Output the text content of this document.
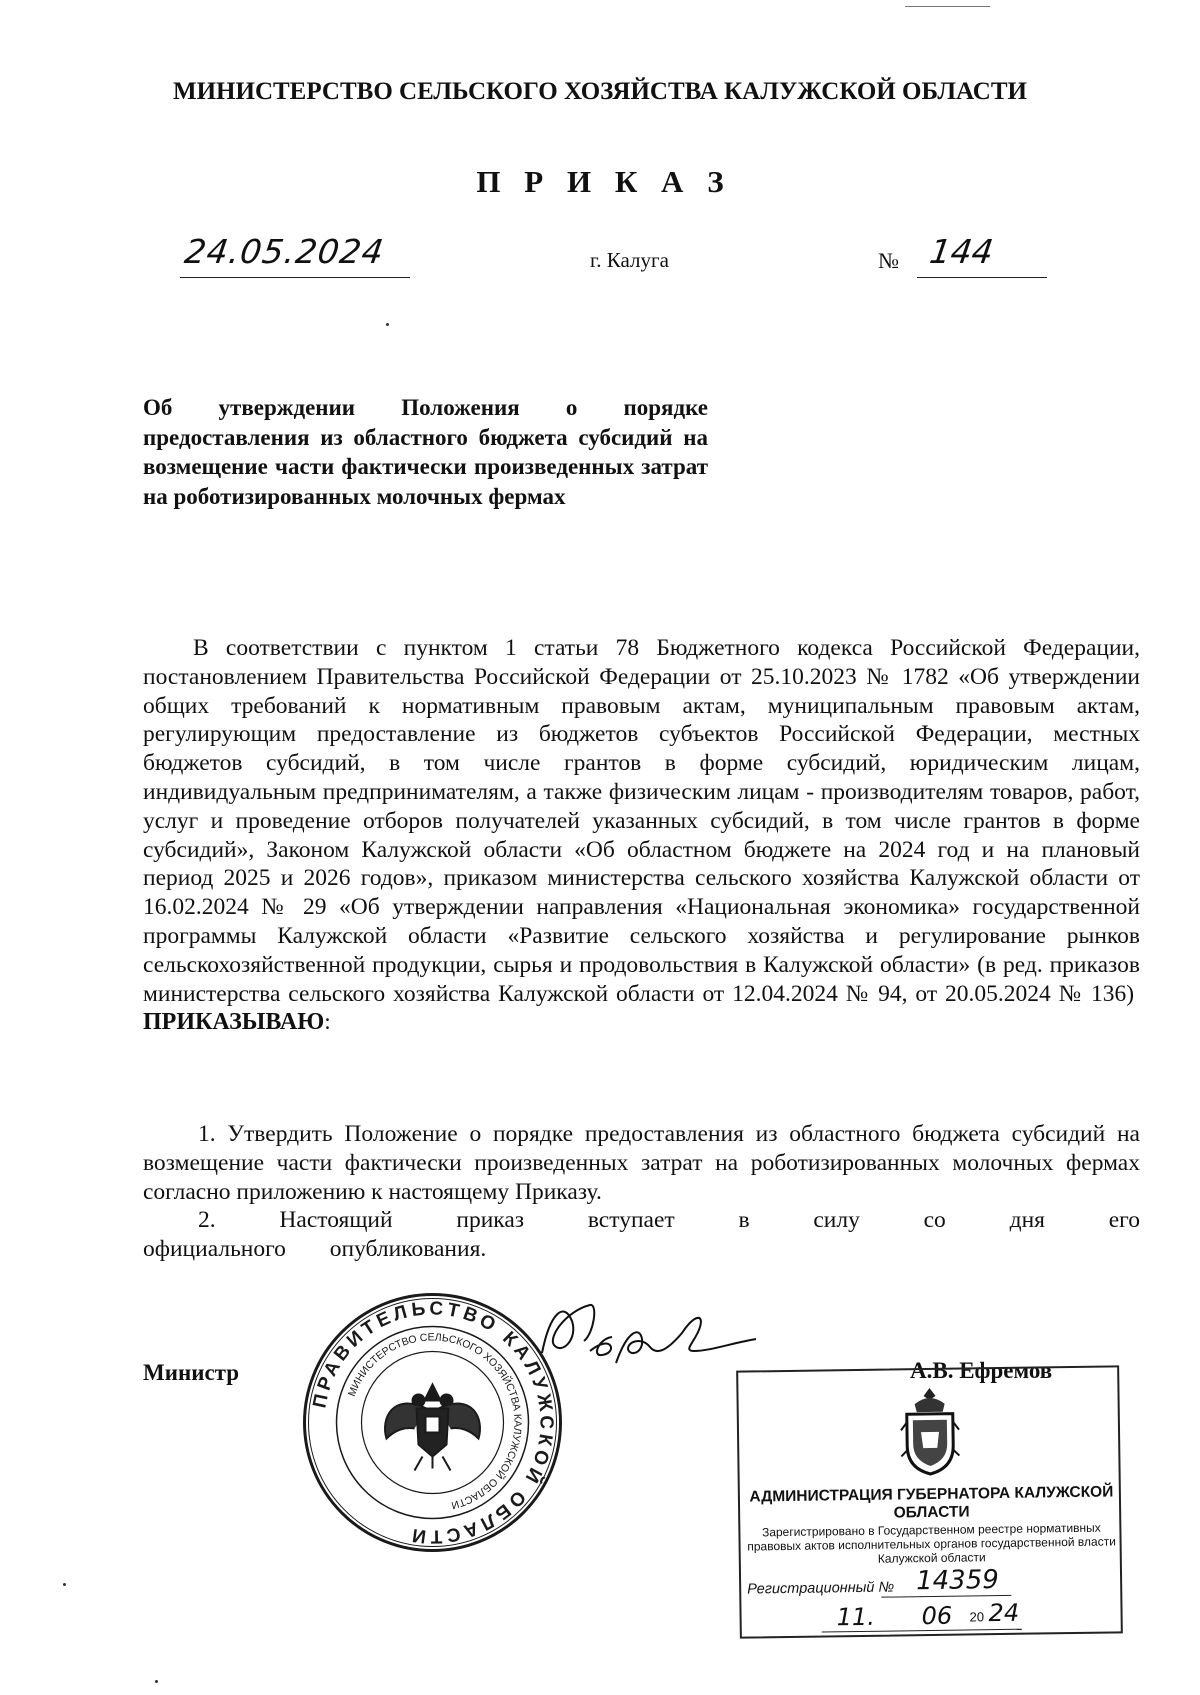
МИНИСТЕРСТВО СЕЛЬСКОГО ХОЗЯЙСТВА КАЛУЖСКОЙ ОБЛАСТИ
П Р И К А З
24.05.2024	г. Калуга	№ 144

Об утверждении Положения о порядке предоставления из областного бюджета субсидий на возмещение части фактически произведенных затрат на роботизированных молочных фермах

В соответствии с пунктом 1 статьи 78 Бюджетного кодекса Российской Федерации, постановлением Правительства Российской Федерации от 25.10.2023 № 1782 «Об утверждении общих требований к нормативным правовым актам, муниципальным правовым актам, регулирующим предоставление из бюджетов субъектов Российской Федерации, местных бюджетов субсидий, в том числе грантов в форме субсидий, юридическим лицам, индивидуальным предпринимателям, а также физическим лицам - производителям товаров, работ, услуг и проведение отборов получателей указанных субсидий, в том числе грантов в форме субсидий», Законом Калужской области «Об областном бюджете на 2024 год и на плановый период 2025 и 2026 годов», приказом министерства сельского хозяйства Калужской области от 16.02.2024 № 29 «Об утверждении направления «Национальная экономика» государственной программы Калужской области «Развитие сельского хозяйства и регулирование рынков сельскохозяйственной продукции, сырья и продовольствия в Калужской области» (в ред. приказов министерства сельского хозяйства Калужской области от 12.04.2024 № 94, от 20.05.2024 № 136)  ПРИКАЗЫВАЮ:

1. Утвердить Положение о порядке предоставления из областного бюджета субсидий на возмещение части фактически произведенных затрат на роботизированных молочных фермах согласно приложению к настоящему Приказу.

2. Настоящий приказ вступает в силу со дня его официального опубликования.

Министр	А.В. Ефремов
ПРАВИТЕЛЬСТВО КАЛУЖСКОЙ ОБЛАСТИ
МИНИСТЕРСТВО СЕЛЬСКОГО ХОЗЯЙСТВА КАЛУЖСКОЙ ОБЛАСТИ	АДМИНИСТРАЦИЯ ГУБЕРНАТОРА КАЛУЖСКОЙ ОБЛАСТИ
Зарегистрировано в Государственном реестре нормативных
правовых актов исполнительных органов государственной власти
Калужской области
Регистрационный № 14359
11. 06 20 24
